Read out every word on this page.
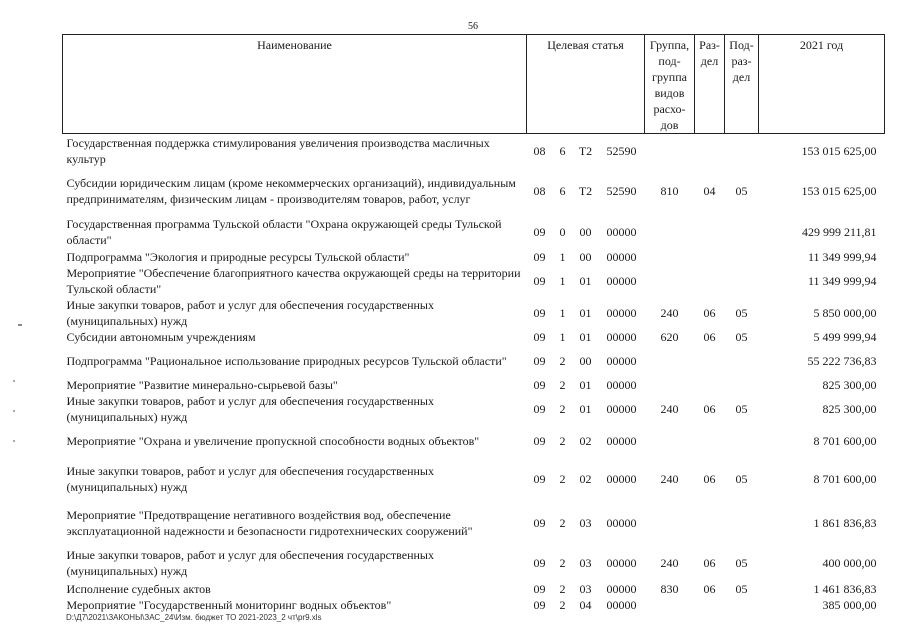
56
Наименование	Целевая статья				Группа, под- группа видов расхо- дов	Раз- дел	Под- раз- дел	2021 год
Государственная поддержка стимулирования увеличения производства масличных культур	08	6	Т2	52590				153 015 625,00
Субсидии юридическим лицам (кроме некоммерческих организаций), индивидуальным предпринимателям, физическим лицам - производителям товаров, работ, услуг	08	6	Т2	52590	810	04	05	153 015 625,00
Государственная программа Тульской области "Охрана окружающей среды Тульской области"	09	0	00	00000				429 999 211,81
Подпрограмма "Экология и природные ресурсы Тульской области"	09	1	00	00000				11 349 999,94
Мероприятие "Обеспечение благоприятного качества окружающей среды на территории Тульской области"	09	1	01	00000				11 349 999,94
Иные закупки товаров, работ и услуг для обеспечения государственных (муниципальных) нужд	09	1	01	00000	240	06	05	5 850 000,00
Субсидии автономным учреждениям	09	1	01	00000	620	06	05	5 499 999,94
Подпрограмма "Рациональное использование природных ресурсов Тульской области"	09	2	00	00000				55 222 736,83
Мероприятие "Развитие минерально-сырьевой базы"	09	2	01	00000				825 300,00
Иные закупки товаров, работ и услуг для обеспечения государственных (муниципальных) нужд	09	2	01	00000	240	06	05	825 300,00
Мероприятие "Охрана и увеличение пропускной способности водных объектов"	09	2	02	00000				8 701 600,00
Иные закупки товаров, работ и услуг для обеспечения государственных (муниципальных) нужд	09	2	02	00000	240	06	05	8 701 600,00
Мероприятие "Предотвращение негативного воздействия вод, обеспечение эксплуатационной надежности и безопасности гидротехнических сооружений"	09	2	03	00000				1 861 836,83
Иные закупки товаров, работ и услуг для обеспечения государственных (муниципальных) нужд	09	2	03	00000	240	06	05	400 000,00
Исполнение судебных актов	09	2	03	00000	830	06	05	1 461 836,83
Мероприятие "Государственный мониторинг водных объектов"	09	2	04	00000				385 000,00
D:\Д7\2021\ЗАКОНЫ\ЗАС_24\Изм. бюджет ТО 2021-2023_2 чт\pr9.xls
